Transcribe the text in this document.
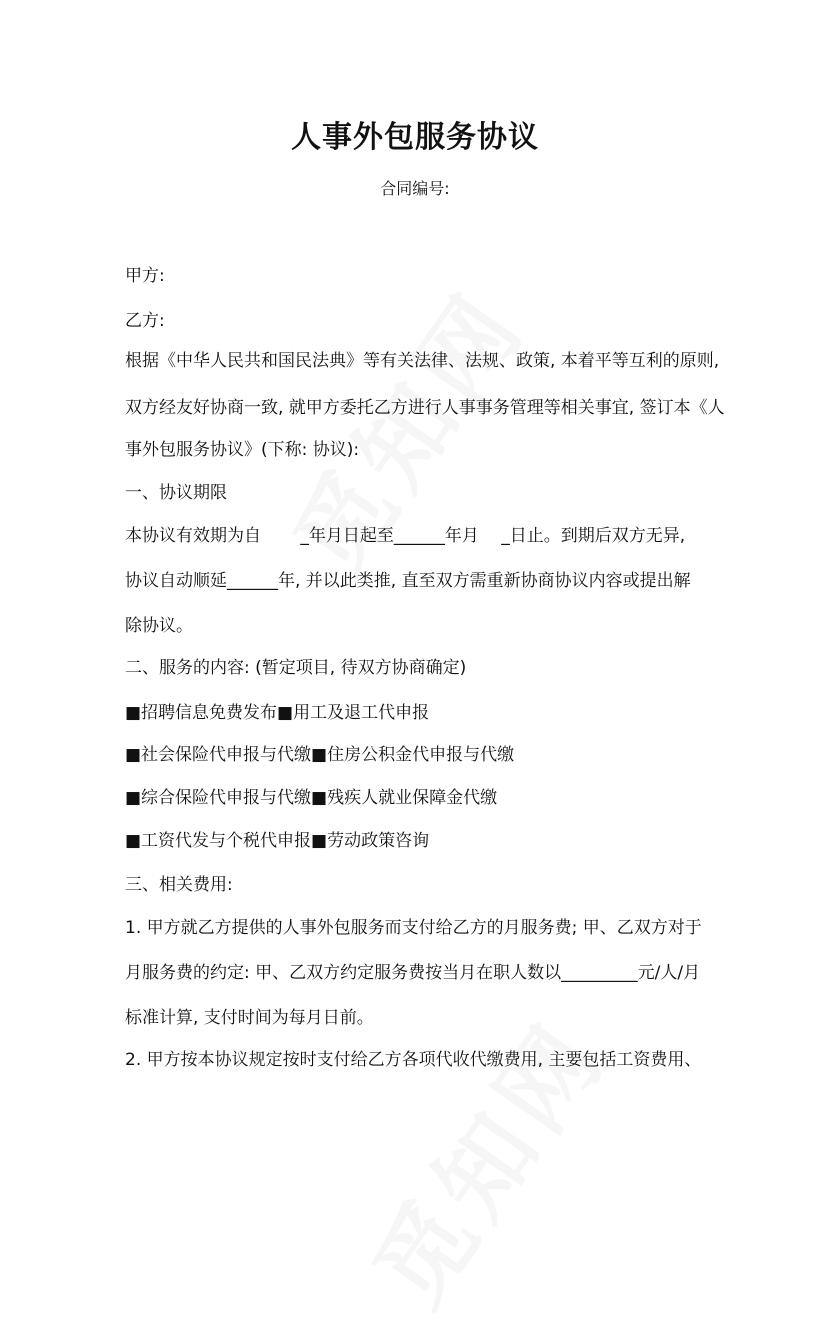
人事外包服务协议
合同编号:
甲方:
乙方:
根据《中华人民共和国民法典》等有关法律、法规、政策, 本着平等互利的原则,
双方经友好协商一致, 就甲方委托乙方进行人事事务管理等相关事宜, 签订本《人
事外包服务协议》(下称: 协议):
一、协议期限
本协议有效期为自　　 _年月日起至______年月　 _日止。到期后双方无异,
协议自动顺延______年, 并以此类推, 直至双方需重新协商协议内容或提出解
除协议。
二、服务的内容: (暂定项目, 待双方协商确定)
■招聘信息免费发布■用工及退工代申报
■社会保险代申报与代缴■住房公积金代申报与代缴
■综合保险代申报与代缴■残疾人就业保障金代缴
■工资代发与个税代申报■劳动政策咨询
三、相关费用:
1. 甲方就乙方提供的人事外包服务而支付给乙方的月服务费; 甲、乙双方对于
月服务费的约定: 甲、乙双方约定服务费按当月在职人数以_________元/人/月
标准计算, 支付时间为每月日前。
2. 甲方按本协议规定按时支付给乙方各项代收代缴费用, 主要包括工资费用、
